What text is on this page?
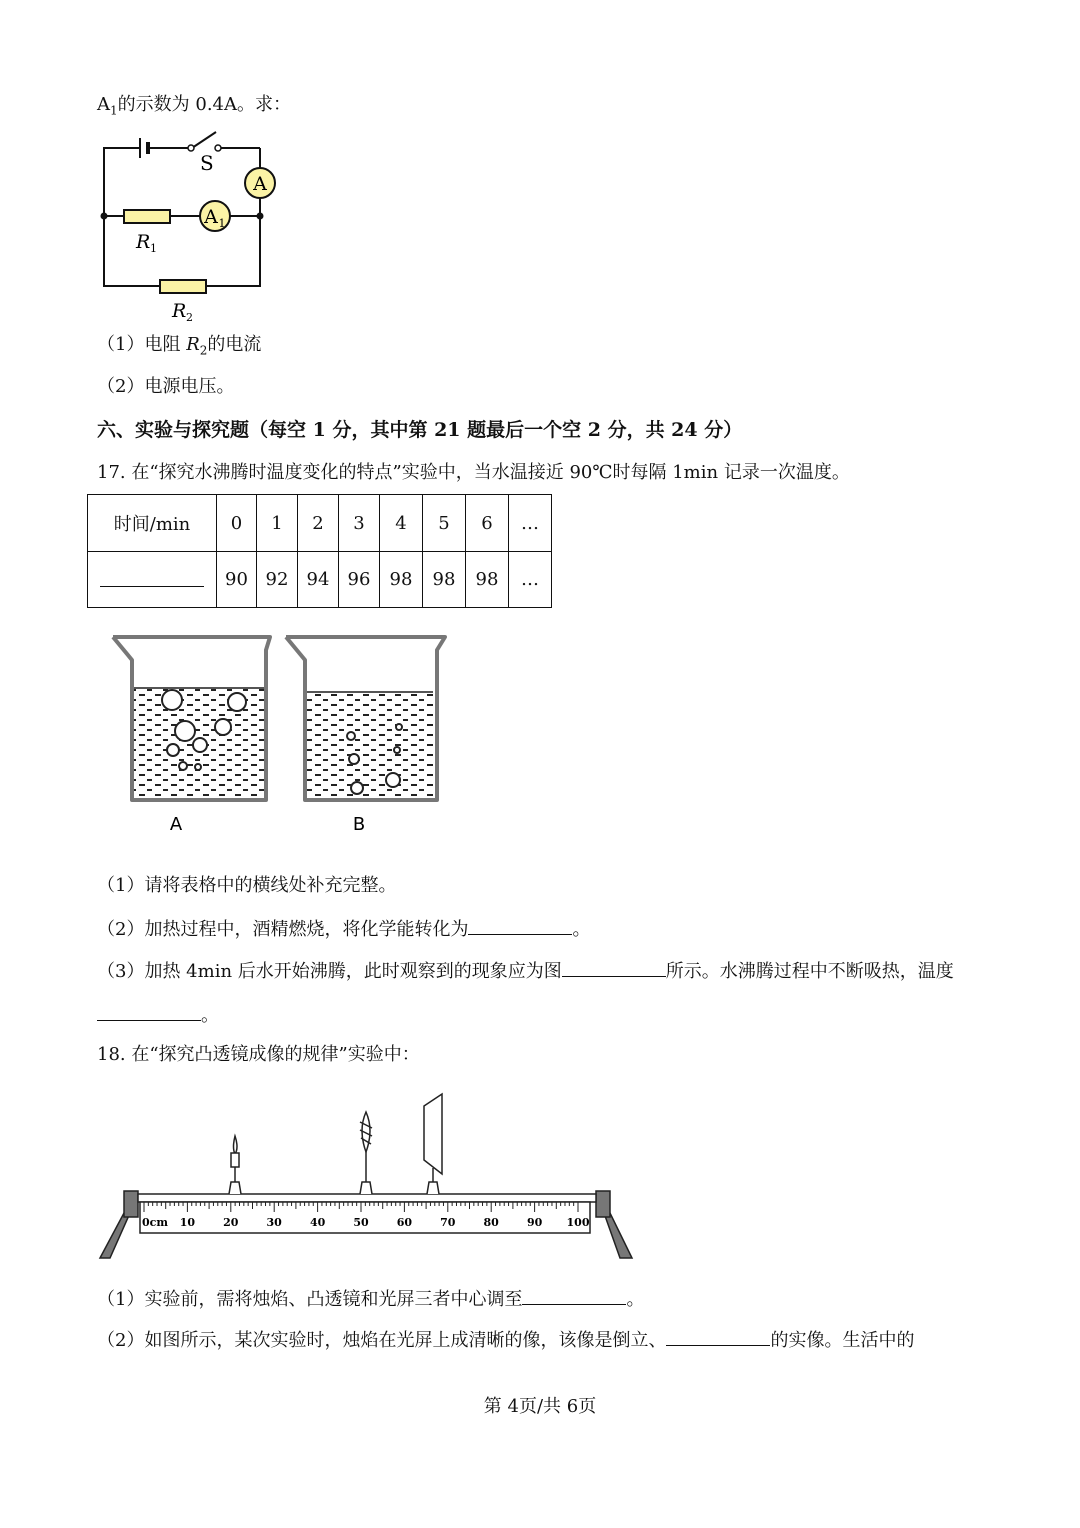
$A_1$的示数为 0.4A。求：
A
A 1
S
R 1
R 2
（1）电阻 $R_2$的电流
（2）电源电压。
六、实验与探究题（每空 1 分，其中第 21 题最后一个空 2 分，共 24 分）
17. 在“探究水沸腾时温度变化的特点”实验中，当水温接近 90℃时每隔 1min 记录一次温度。
时间/min	0	1	2	3	4	5	6	…
	90	92	94	96	98	98	98	…
A	B
（1）请将表格中的横线处补充完整。
（2）加热过程中，酒精燃烧，将化学能转化为	。
（3）加热 4min 后水开始沸腾，此时观察到的现象应为图	所示。水沸腾过程中不断吸热，温度
。
18. 在“探究凸透镜成像的规律”实验中：
0cm 10	20	30	40	50	60	70	80	90 100
（1）实验前，需将烛焰、凸透镜和光屏三者中心调至	。
（2）如图所示，某次实验时，烛焰在光屏上成清晰的像，该像是倒立、	的实像。生活中的
第 4页/共 6页
